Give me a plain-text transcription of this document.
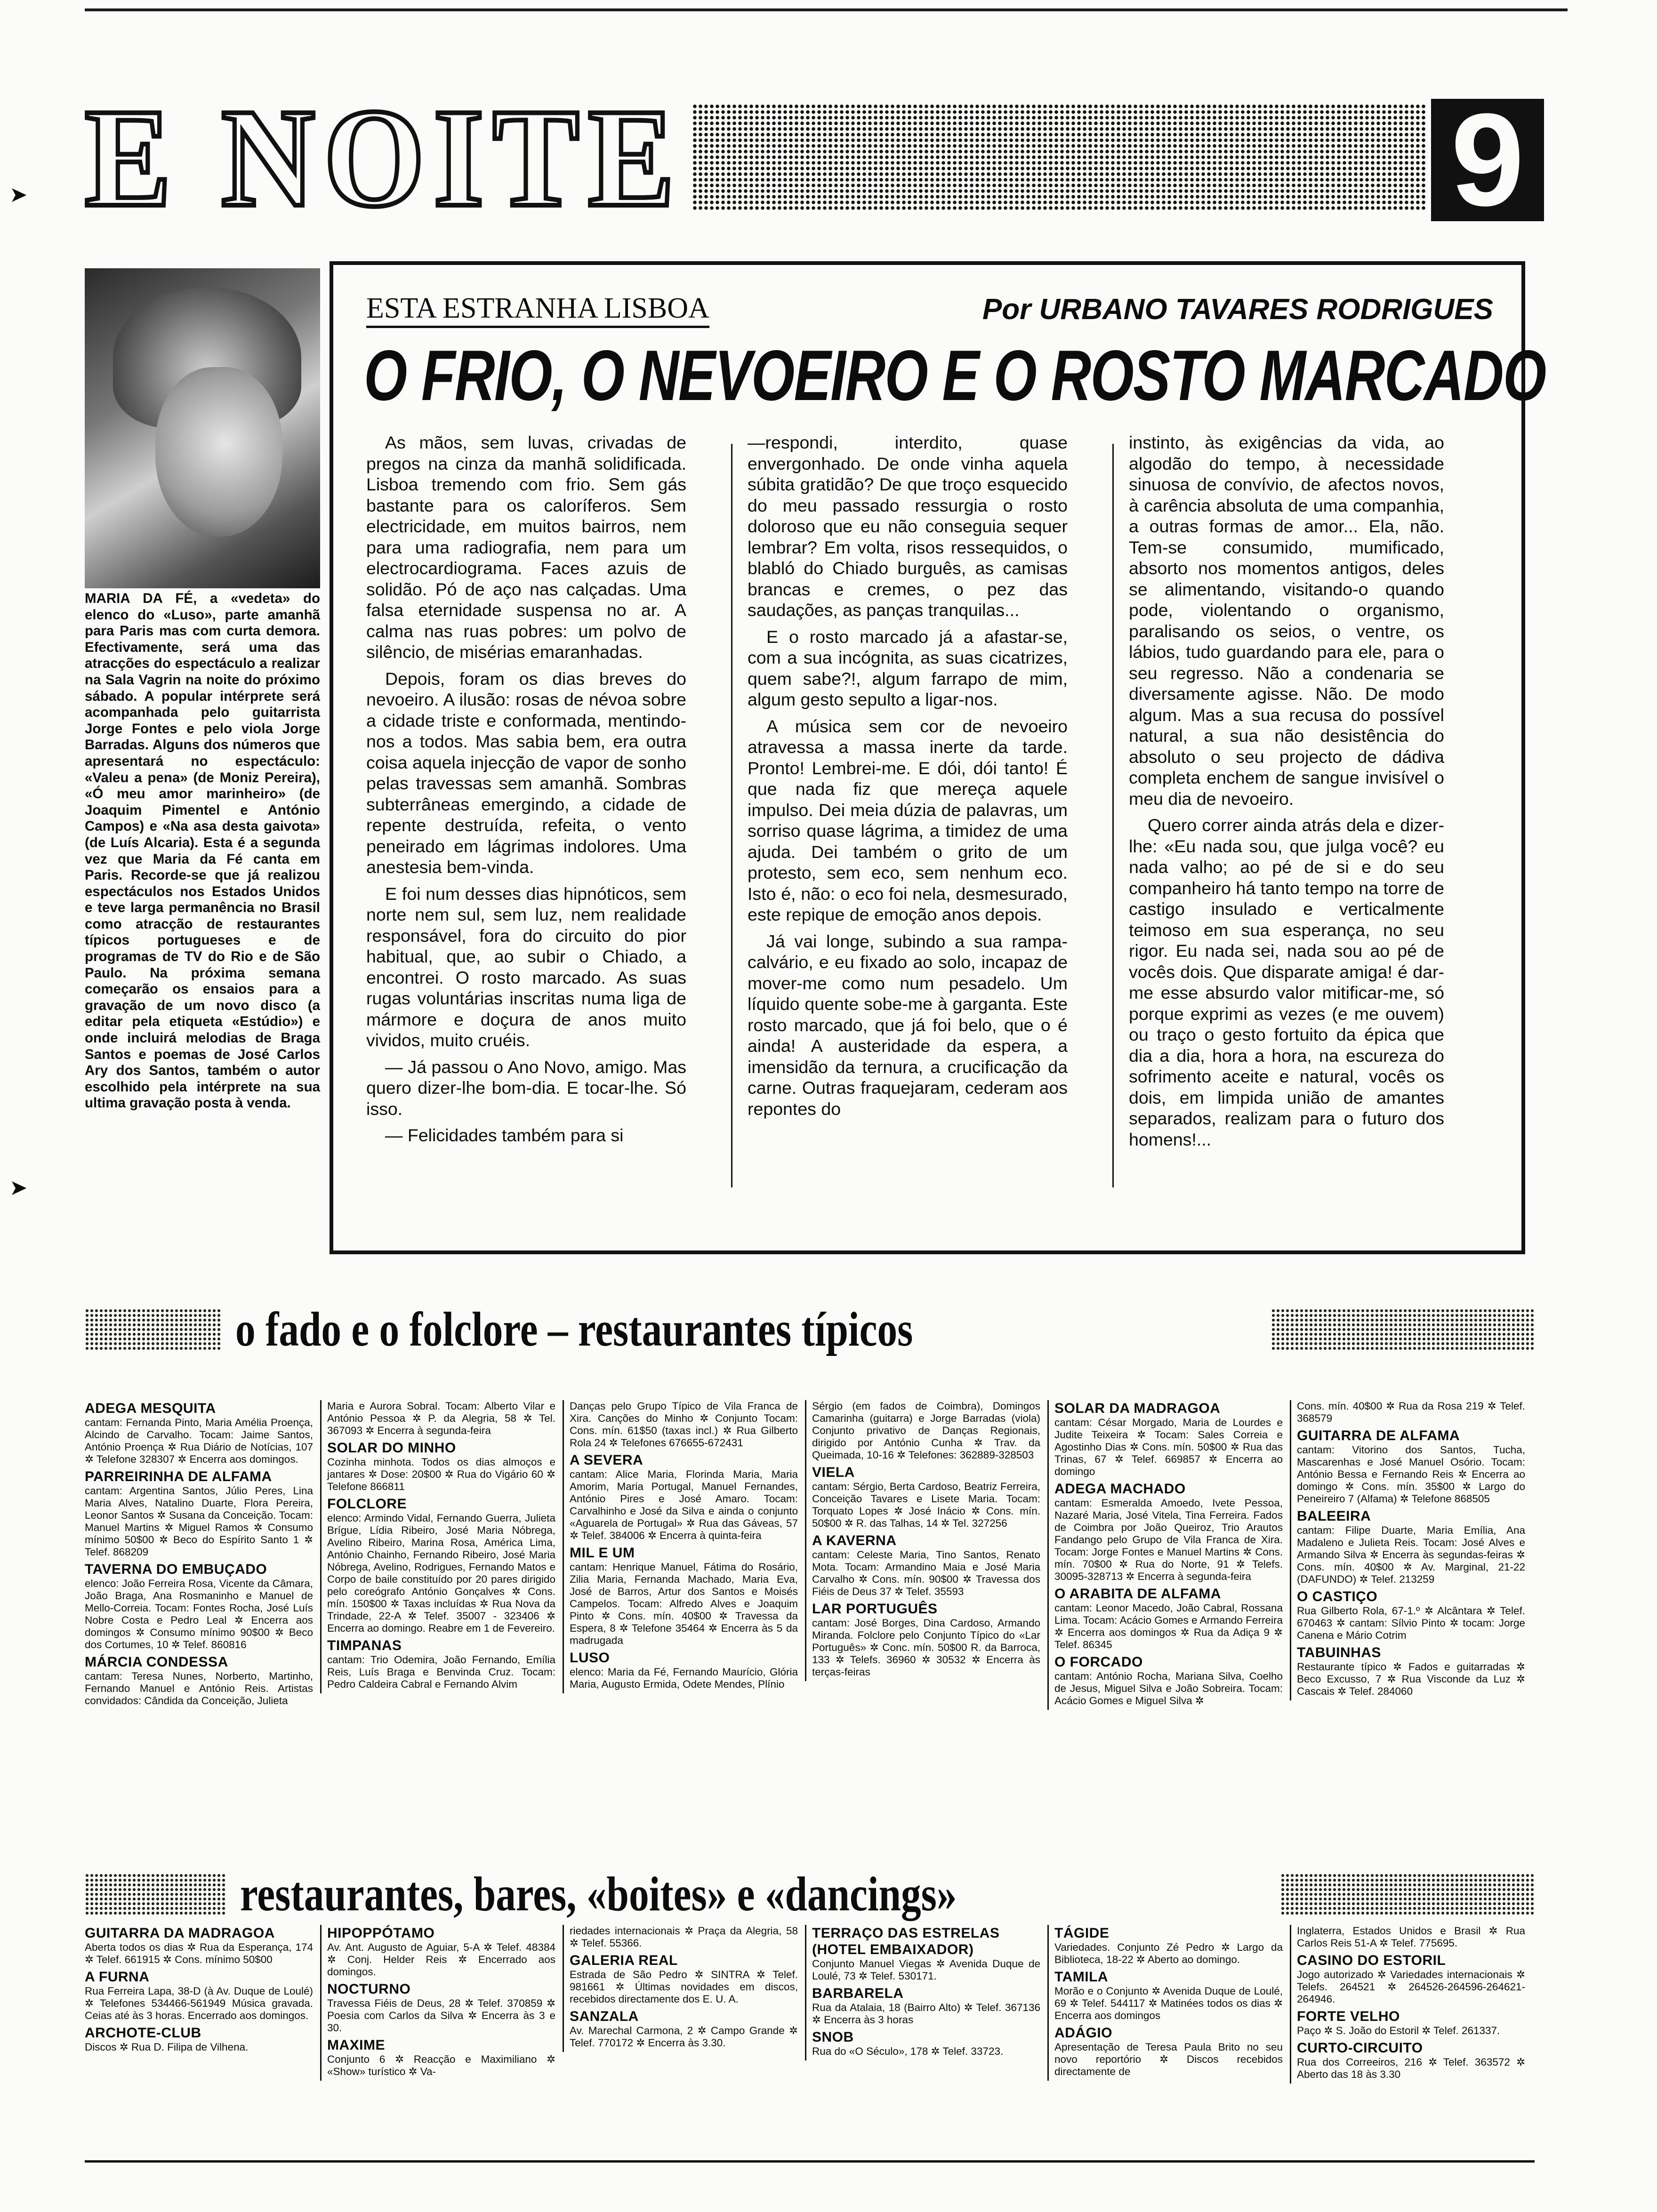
➤
➤
E NOITE	9
MARIA DA FÉ, a «vedeta» do elenco do «Luso», parte amanhã para Paris mas com curta demora. Efectivamente, será uma das atracções do espectáculo a realizar na Sala Vagrin na noite do próximo sábado. A popular intérprete será acompanhada pelo guitarrista Jorge Fontes e pelo viola Jorge Barradas. Alguns dos números que apresentará no espectáculo: «Valeu a pena» (de Moniz Pereira), «Ó meu amor marinheiro» (de Joaquim Pimentel e António Campos) e «Na asa desta gaivota» (de Luís Alcaria). Esta é a segunda vez que Maria da Fé canta em Paris. Recorde-se que já realizou espectáculos nos Estados Unidos e teve larga permanência no Brasil como atracção de restaurantes típicos portugueses e de programas de TV do Rio e de São Paulo. Na próxima semana começarão os ensaios para a gravação de um novo disco (a editar pela etiqueta «Estúdio») e onde incluirá melodias de Braga Santos e poemas de José Carlos Ary dos Santos, também o autor escolhido pela intérprete na sua ultima gravação posta à venda.
ESTA ESTRANHA LISBOA	Por URBANO TAVARES RODRIGUES
O FRIO, O NEVOEIRO E O ROSTO MARCADO

As mãos, sem luvas, crivadas de pregos na cinza da manhã solidificada. Lisboa tremendo com frio. Sem gás bastante para os caloríferos. Sem electricidade, em muitos bairros, nem para uma radiografia, nem para um electrocardiograma. Faces azuis de solidão. Pó de aço nas calçadas. Uma falsa eternidade suspensa no ar. A calma nas ruas pobres: um polvo de silêncio, de misérias emaranhadas.

Depois, foram os dias breves do nevoeiro. A ilusão: rosas de névoa sobre a cidade triste e conformada, mentindo-nos a todos. Mas sabia bem, era outra coisa aquela injecção de vapor de sonho pelas travessas sem amanhã. Sombras subterrâneas emergindo, a cidade de repente destruída, refeita, o vento peneirado em lágrimas indolores. Uma anestesia bem-vinda.

E foi num desses dias hipnóticos, sem norte nem sul, sem luz, nem realidade responsável, fora do circuito do pior habitual, que, ao subir o Chiado, a encontrei. O rosto marcado. As suas rugas voluntárias inscritas numa liga de mármore e doçura de anos muito vividos, muito cruéis.

— Já passou o Ano Novo, amigo. Mas quero dizer-lhe bom-dia. E tocar-lhe. Só isso.

— Felicidades também para si

—respondi, interdito, quase envergonhado. De onde vinha aquela súbita gratidão? De que troço esquecido do meu passado ressurgia o rosto doloroso que eu não conseguia sequer lembrar? Em volta, risos ressequidos, o blabló do Chiado burguês, as camisas brancas e cremes, o pez das saudações, as panças tranquilas...

E o rosto marcado já a afastar-se, com a sua incógnita, as suas cicatrizes, quem sabe?!, algum farrapo de mim, algum gesto sepulto a ligar-nos.

A música sem cor de nevoeiro atravessa a massa inerte da tarde. Pronto! Lembrei-me. E dói, dói tanto! É que nada fiz que mereça aquele impulso. Dei meia dúzia de palavras, um sorriso quase lágrima, a timidez de uma ajuda. Dei também o grito de um protesto, sem eco, sem nenhum eco. Isto é, não: o eco foi nela, desmesurado, este repique de emoção anos depois.

Já vai longe, subindo a sua rampa-calvário, e eu fixado ao solo, incapaz de mover-me como num pesadelo. Um líquido quente sobe-me à garganta. Este rosto marcado, que já foi belo, que o é ainda! A austeridade da espera, a imensidão da ternura, a crucificação da carne. Outras fraquejaram, cederam aos repontes do

instinto, às exigências da vida, ao algodão do tempo, à necessidade sinuosa de convívio, de afectos novos, à carência absoluta de uma companhia, a outras formas de amor... Ela, não. Tem-se consumido, mumificado, absorto nos momentos antigos, deles se alimentando, visitando-o quando pode, violentando o organismo, paralisando os seios, o ventre, os lábios, tudo guardando para ele, para o seu regresso. Não a condenaria se diversamente agisse. Não. De modo algum. Mas a sua recusa do possível natural, a sua não desistência do absoluto o seu projecto de dádiva completa enchem de sangue invisível o meu dia de nevoeiro.

Quero correr ainda atrás dela e dizer-lhe: «Eu nada sou, que julga você? eu nada valho; ao pé de si e do seu companheiro há tanto tempo na torre de castigo insulado e verticalmente teimoso em sua esperança, no seu rigor. Eu nada sei, nada sou ao pé de vocês dois. Que disparate amiga! é dar-me esse absurdo valor mitificar-me, só porque exprimi as vezes (e me ouvem) ou traço o gesto fortuito da épica que dia a dia, hora a hora, na escureza do sofrimento aceite e natural, vocês os dois, em limpida união de amantes separados, realizam para o futuro dos homens!...

o fado e o folclore – restaurantes típicos
ADEGA MESQUITA
cantam: Fernanda Pinto, Maria Amélia Proença, Alcindo de Carvalho. Tocam: Jaime Santos, António Proença ✲ Rua Diário de Notícias, 107 ✲ Telefone 328307 ✲ Encerra aos domingos.
PARREIRINHA DE ALFAMA
cantam: Argentina Santos, Júlio Peres, Lina Maria Alves, Natalino Duarte, Flora Pereira, Leonor Santos ✲ Susana da Conceição. Tocam: Manuel Martins ✲ Miguel Ramos ✲ Consumo mínimo 50$00 ✲ Beco do Espírito Santo 1 ✲ Telef. 868209
TAVERNA DO EMBUÇADO
elenco: João Ferreira Rosa, Vicente da Câmara, João Braga, Ana Rosmaninho e Manuel de Mello-Correia. Tocam: Fontes Rocha, José Luís Nobre Costa e Pedro Leal ✲ Encerra aos domingos ✲ Consumo mínimo 90$00 ✲ Beco dos Cortumes, 10 ✲ Telef. 860816
MÁRCIA CONDESSA
cantam: Teresa Nunes, Norberto, Martinho, Fernando Manuel e António Reis. Artistas convidados: Cândida da Conceição, Julieta
Maria e Aurora Sobral. Tocam: Alberto Vilar e António Pessoa ✲ P. da Alegria, 58 ✲ Tel. 367093 ✲ Encerra à segunda-feira
SOLAR DO MINHO
Cozinha minhota. Todos os dias almoços e jantares ✲ Dose: 20$00 ✲ Rua do Vigário 60 ✲ Telefone 866811
FOLCLORE
elenco: Armindo Vidal, Fernando Guerra, Julieta Brígue, Lídia Ribeiro, José Maria Nóbrega, Avelino Ribeiro, Marina Rosa, América Lima, António Chainho, Fernando Ribeiro, José Maria Nóbrega, Avelino, Rodrigues, Fernando Matos e Corpo de baile constituído por 20 pares dirigido pelo coreógrafo António Gonçalves ✲ Cons. mín. 150$00 ✲ Taxas incluídas ✲ Rua Nova da Trindade, 22-A ✲ Telef. 35007 - 323406 ✲ Encerra ao domingo. Reabre em 1 de Fevereiro.
TIMPANAS
cantam: Trio Odemira, João Fernando, Emília Reis, Luís Braga e Benvinda Cruz. Tocam: Pedro Caldeira Cabral e Fernando Alvim
Danças pelo Grupo Típico de Vila Franca de Xira. Canções do Minho ✲ Conjunto Tocam: Cons. mín. 61$50 (taxas incl.) ✲ Rua Gilberto Rola 24 ✲ Telefones 676655-672431
A SEVERA
cantam: Alice Maria, Florinda Maria, Maria Amorim, Maria Portugal, Manuel Fernandes, António Pires e José Amaro. Tocam: Carvalhinho e José da Silva e ainda o conjunto «Aguarela de Portugal» ✲ Rua das Gáveas, 57 ✲ Telef. 384006 ✲ Encerra à quinta-feira
MIL E UM
cantam: Henrique Manuel, Fátima do Rosário, Zilia Maria, Fernanda Machado, Maria Eva, José de Barros, Artur dos Santos e Moisés Campelos. Tocam: Alfredo Alves e Joaquim Pinto ✲ Cons. mín. 40$00 ✲ Travessa da Espera, 8 ✲ Telefone 35464 ✲ Encerra às 5 da madrugada
LUSO
elenco: Maria da Fé, Fernando Maurício, Glória Maria, Augusto Ermida, Odete Mendes, Plínio
Sérgio (em fados de Coimbra), Domingos Camarinha (guitarra) e Jorge Barradas (viola) Conjunto privativo de Danças Regionais, dirigido por António Cunha ✲ Trav. da Queimada, 10-16 ✲ Telefones: 362889-328503
VIELA
cantam: Sérgio, Berta Cardoso, Beatriz Ferreira, Conceição Tavares e Lisete Maria. Tocam: Torquato Lopes ✲ José Inácio ✲ Cons. mín. 50$00 ✲ R. das Talhas, 14 ✲ Tel. 327256
A KAVERNA
cantam: Celeste Maria, Tino Santos, Renato Mota. Tocam: Armandino Maia e José Maria Carvalho ✲ Cons. mín. 90$00 ✲ Travessa dos Fiéis de Deus 37 ✲ Telef. 35593
LAR PORTUGUÊS
cantam: José Borges, Dina Cardoso, Armando Miranda. Folclore pelo Conjunto Típico do «Lar Português» ✲ Conc. mín. 50$00 R. da Barroca, 133 ✲ Telefs. 36960 ✲ 30532 ✲ Encerra às terças-feiras
SOLAR DA MADRAGOA
cantam: César Morgado, Maria de Lourdes e Judite Teixeira ✲ Tocam: Sales Correia e Agostinho Dias ✲ Cons. mín. 50$00 ✲ Rua das Trinas, 67 ✲ Telef. 669857 ✲ Encerra ao domingo
ADEGA MACHADO
cantam: Esmeralda Amoedo, Ivete Pessoa, Nazaré Maria, José Vitela, Tina Ferreira. Fados de Coimbra por João Queiroz, Trio Arautos Fandango pelo Grupo de Vila Franca de Xira. Tocam: Jorge Fontes e Manuel Martins ✲ Cons. mín. 70$00 ✲ Rua do Norte, 91 ✲ Telefs. 30095-328713 ✲ Encerra à segunda-feira
O ARABITA DE ALFAMA
cantam: Leonor Macedo, João Cabral, Rossana Lima. Tocam: Acácio Gomes e Armando Ferreira ✲ Encerra aos domingos ✲ Rua da Adiça 9 ✲ Telef. 86345
O FORCADO
cantam: António Rocha, Mariana Silva, Coelho de Jesus, Miguel Silva e João Sobreira. Tocam: Acácio Gomes e Miguel Silva ✲
Cons. mín. 40$00 ✲ Rua da Rosa 219 ✲ Telef. 368579
GUITARRA DE ALFAMA
cantam: Vitorino dos Santos, Tucha, Mascarenhas e José Manuel Osório. Tocam: António Bessa e Fernando Reis ✲ Encerra ao domingo ✲ Cons. mín. 35$00 ✲ Largo do Peneireiro 7 (Alfama) ✲ Telefone 868505
BALEEIRA
cantam: Filipe Duarte, Maria Emília, Ana Madaleno e Julieta Reis. Tocam: José Alves e Armando Silva ✲ Encerra às segundas-feiras ✲ Cons. mín. 40$00 ✲ Av. Marginal, 21-22 (DAFUNDO) ✲ Telef. 213259
O CASTIÇO
Rua Gilberto Rola, 67-1.º ✲ Alcântara ✲ Telef. 670463 ✲ cantam: Sílvio Pinto ✲ tocam: Jorge Canena e Mário Cotrim
TABUINHAS
Restaurante típico ✲ Fados e guitarradas ✲ Beco Excusso, 7 ✲ Rua Visconde da Luz ✲ Cascais ✲ Telef. 284060
restaurantes, bares, «boites» e «dancings»
GUITARRA DA MADRAGOA
Aberta todos os dias ✲ Rua da Esperança, 174 ✲ Telef. 661915 ✲ Cons. mínimo 50$00
A FURNA
Rua Ferreira Lapa, 38-D (à Av. Duque de Loulé) ✲ Telefones 534466-561949 Música gravada. Ceias até às 3 horas. Encerrado aos domingos.
ARCHOTE-CLUB
Discos ✲ Rua D. Filipa de Vilhena.
HIPOPPÓTAMO
Av. Ant. Augusto de Aguiar, 5-A ✲ Telef. 48384 ✲ Conj. Helder Reis ✲ Encerrado aos domingos.
NOCTURNO
Travessa Fiéis de Deus, 28 ✲ Telef. 370859 ✲ Poesia com Carlos da Silva ✲ Encerra às 3 e 30.
MAXIME
Conjunto 6 ✲ Reacção e Maximiliano ✲ «Show» turístico ✲ Va-
riedades internacionais ✲ Praça da Alegria, 58 ✲ Telef. 55366.
GALERIA REAL
Estrada de São Pedro ✲ SINTRA ✲ Telef. 981661 ✲ Últimas novidades em discos, recebidos directamente dos E. U. A.
SANZALA
Av. Marechal Carmona, 2 ✲ Campo Grande ✲ Telef. 770172 ✲ Encerra às 3.30.
TERRAÇO DAS ESTRELAS (HOTEL EMBAIXADOR)
Conjunto Manuel Viegas ✲ Avenida Duque de Loulé, 73 ✲ Telef. 530171.
BARBARELA
Rua da Atalaia, 18 (Bairro Alto) ✲ Telef. 367136 ✲ Encerra às 3 horas
SNOB
Rua do «O Século», 178 ✲ Telef. 33723.
TÁGIDE
Variedades. Conjunto Zé Pedro ✲ Largo da Biblioteca, 18-22 ✲ Aberto ao domingo.
TAMILA
Morão e o Conjunto ✲ Avenida Duque de Loulé, 69 ✲ Telef. 544117 ✲ Matinées todos os dias ✲ Encerra aos domingos
ADÁGIO
Apresentação de Teresa Paula Brito no seu novo reportório ✲ Discos recebidos directamente de
Inglaterra, Estados Unidos e Brasil ✲ Rua Carlos Reis 51-A ✲ Telef. 775695.
CASINO DO ESTORIL
Jogo autorizado ✲ Variedades internacionais ✲ Telefs. 264521 ✲ 264526-264596-264621-264946.
FORTE VELHO
Paço ✲ S. João do Estoril ✲ Telef. 261337.
CURTO-CIRCUITO
Rua dos Correeiros, 216 ✲ Telef. 363572 ✲ Aberto das 18 às 3.30
